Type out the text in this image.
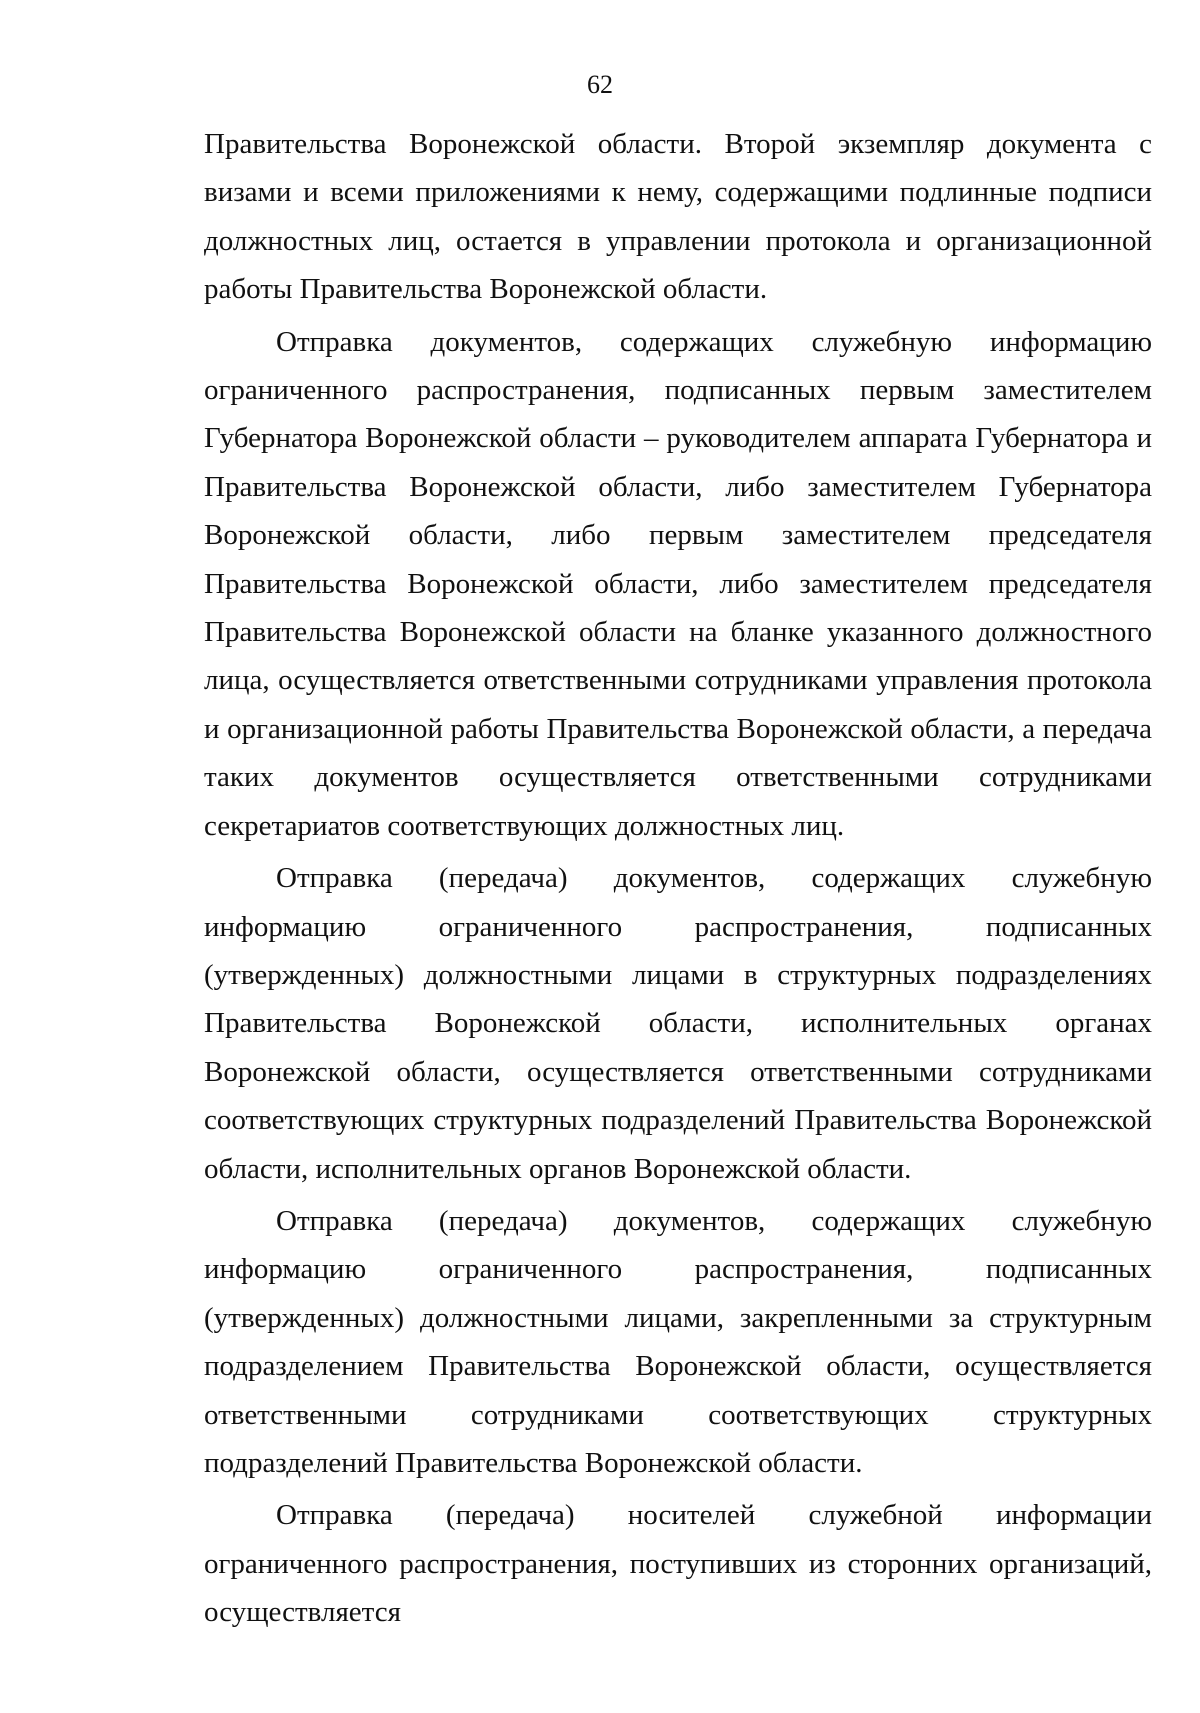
62

Правительства Воронежской области. Второй экземпляр документа с визами и всеми приложениями к нему, содержащими подлинные подписи должностных лиц, остается в управлении протокола и организационной работы Правительства Воронежской области.

Отправка документов, содержащих служебную информацию ограниченного распространения, подписанных первым заместителем Губернатора Воронежской области – руководителем аппарата Губернатора и Правительства Воронежской области, либо заместителем Губернатора Воронежской области, либо первым заместителем председателя Правительства Воронежской области, либо заместителем председателя Правительства Воронежской области на бланке указанного должностного лица, осуществляется ответственными сотрудниками управления протокола и организационной работы Правительства Воронежской области, а передача таких документов осуществляется ответственными сотрудниками секретариатов соответствующих должностных лиц.

Отправка (передача) документов, содержащих служебную информацию ограниченного распространения, подписанных (утвержденных) должностными лицами в структурных подразделениях Правительства Воронежской области, исполнительных органах Воронежской области, осуществляется ответственными сотрудниками соответствующих структурных подразделений Правительства Воронежской области, исполнительных органов Воронежской области.

Отправка (передача) документов, содержащих служебную информацию ограниченного распространения, подписанных (утвержденных) должностными лицами, закрепленными за структурным подразделением Правительства Воронежской области, осуществляется ответственными сотрудниками соответствующих структурных подразделений Правительства Воронежской области.

Отправка (передача) носителей служебной информации ограниченного распространения, поступивших из сторонних организаций, осуществляется
